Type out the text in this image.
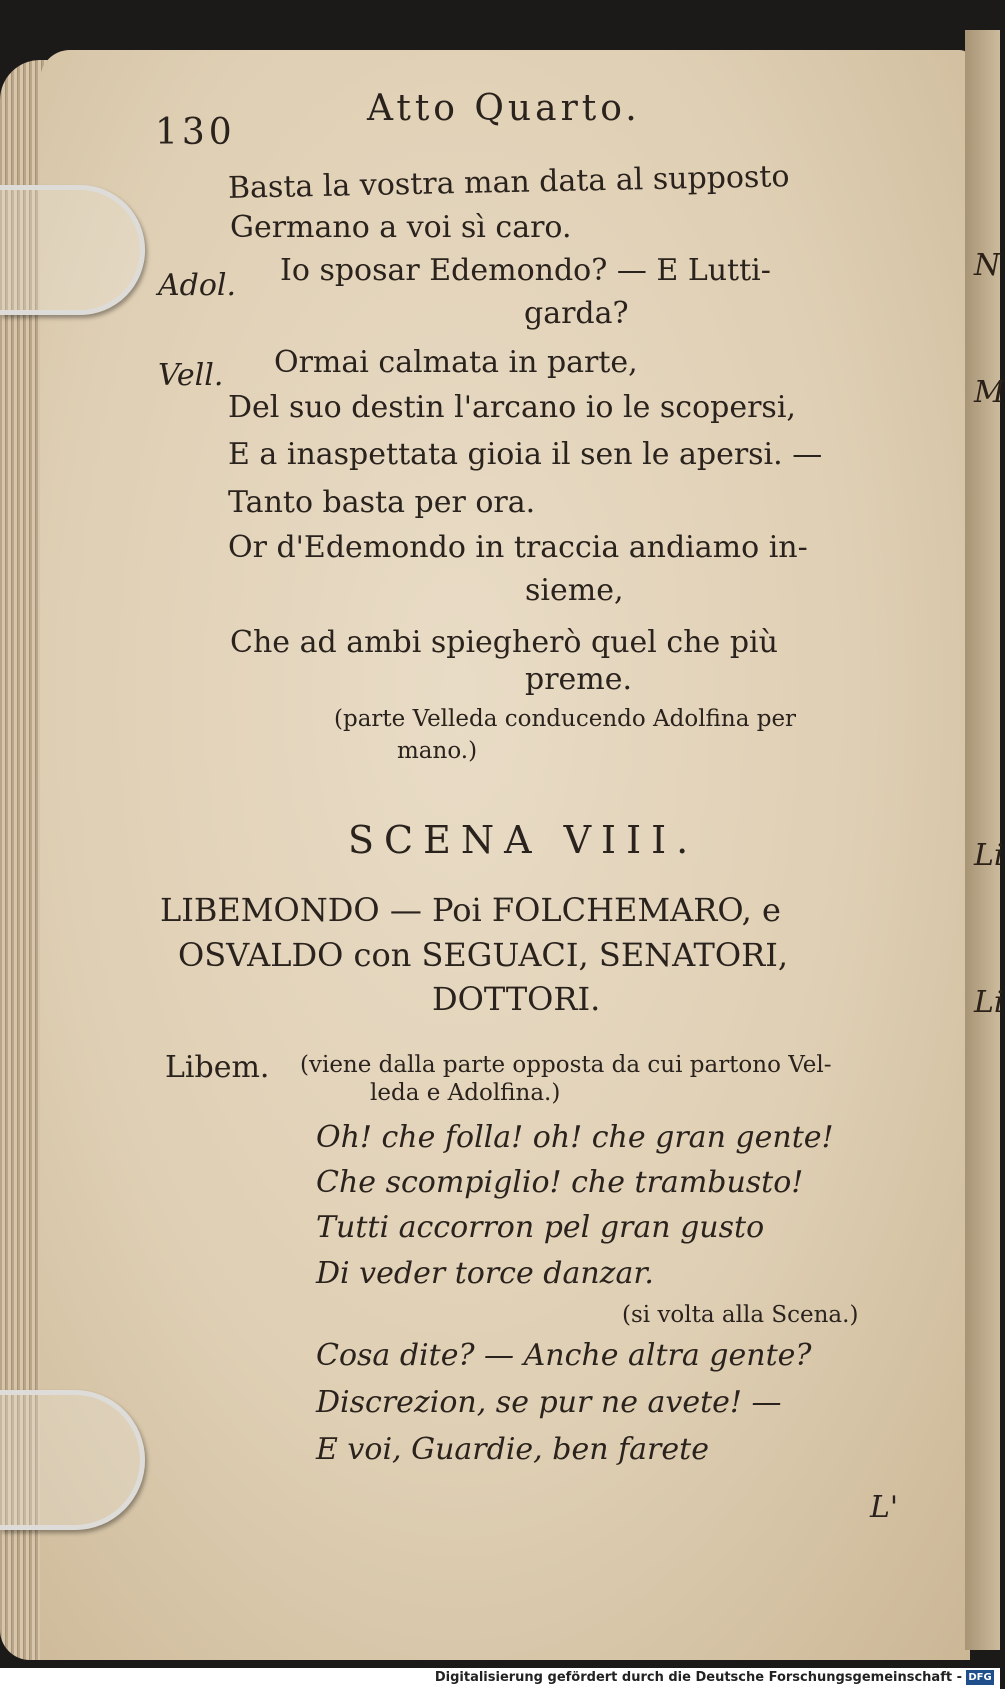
N
M
Li
Li
130
Atto Quarto.
Basta la vostra man data al supposto
Germano a voi sì caro.
Adol. Io sposar Edemondo? — E Lutti-
garda?
Vell. Ormai calmata in parte,
Del suo destin l'arcano io le scopersi,
E a inaspettata gioia il sen le apersi. —
Tanto basta per ora.
Or d'Edemondo in traccia andiamo in-
sieme,
Che ad ambi spiegherò quel che più
preme.
(parte Velleda conducendo Adolfina per
mano.)
SCENA VIII.
LIBEMONDO — Poi FOLCHEMARO, e
OSVALDO con SEGUACI, SENATORI,
DOTTORI.
Libem. (viene dalla parte opposta da cui partono Vel-
leda e Adolfina.)
Oh! che folla! oh! che gran gente!
Che scompiglio! che trambusto!
Tutti accorron pel gran gusto
Di veder torce danzar.
(si volta alla Scena.)
Cosa dite? — Anche altra gente?
Discrezion, se pur ne avete! —
E voi, Guardie, ben farete
L'
Digitalisierung gefördert durch die Deutsche Forschungsgemeinschaft - DFG
